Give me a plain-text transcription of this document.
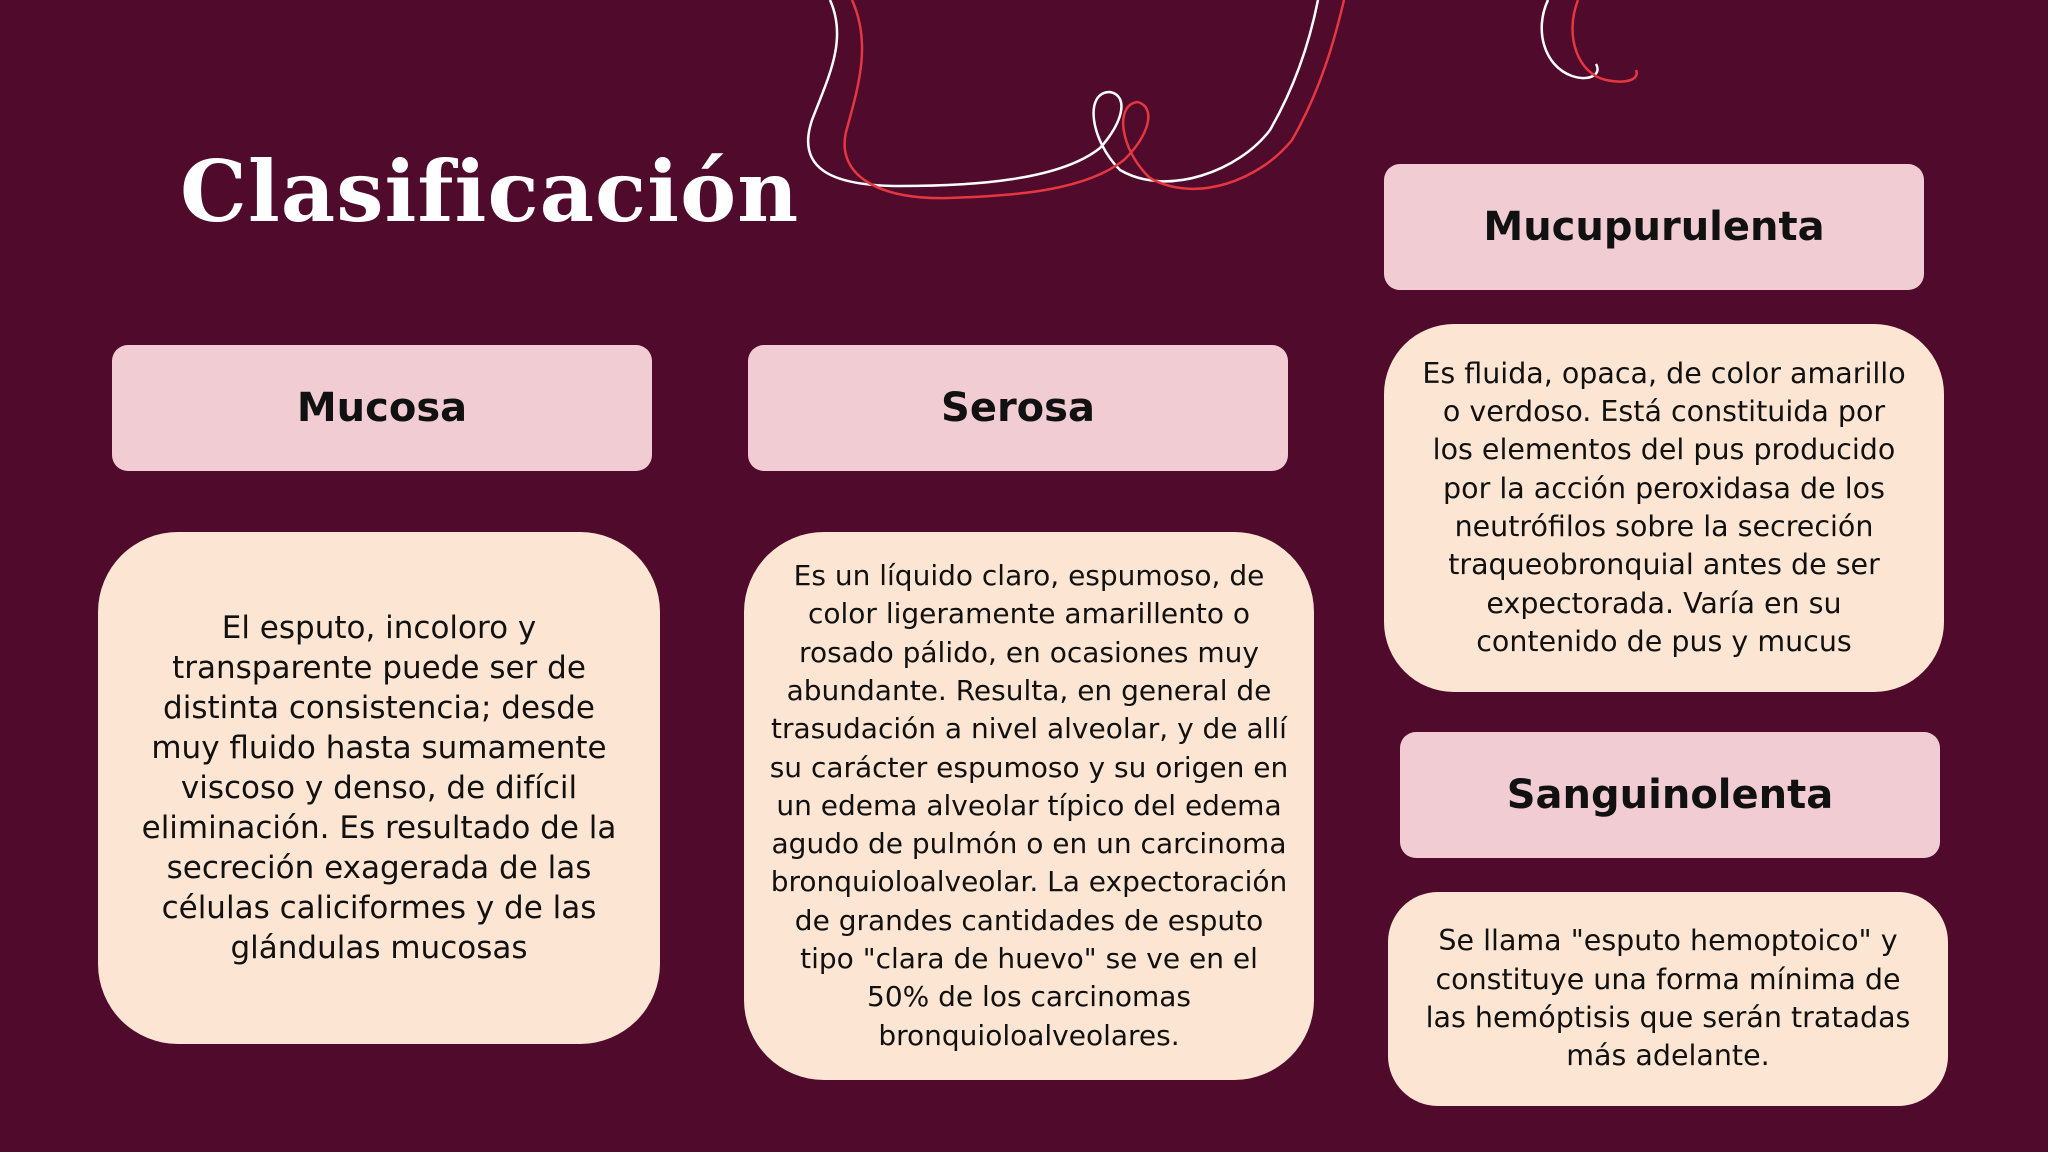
Clasificación
Mucosa

El esputo, incoloro y transparente puede ser de distinta consistencia; desde muy fluido hasta sumamente viscoso y denso, de difícil eliminación. Es resultado de la secreción exagerada de las células caliciformes y de las glándulas mucosas

Serosa

Es un líquido claro, espumoso, de color ligeramente amarillento o rosado pálido, en ocasiones muy abundante. Resulta, en general de trasudación a nivel alveolar, y de allí su carácter espumoso y su origen en un edema alveolar típico del edema agudo de pulmón o en un carcinoma bronquioloalveolar. La expectoración de grandes cantidades de esputo tipo "clara de huevo" se ve en el 50% de los carcinomas bronquioloalveolares.

Mucupurulenta

Es fluida, opaca, de color amarillo o verdoso. Está constituida por los elementos del pus producido por la acción peroxidasa de los neutrófilos sobre la secreción traqueobronquial antes de ser expectorada. Varía en su contenido de pus y mucus

Sanguinolenta

Se llama "esputo hemoptoico" y constituye una forma mínima de las hemóptisis que serán tratadas más adelante.
